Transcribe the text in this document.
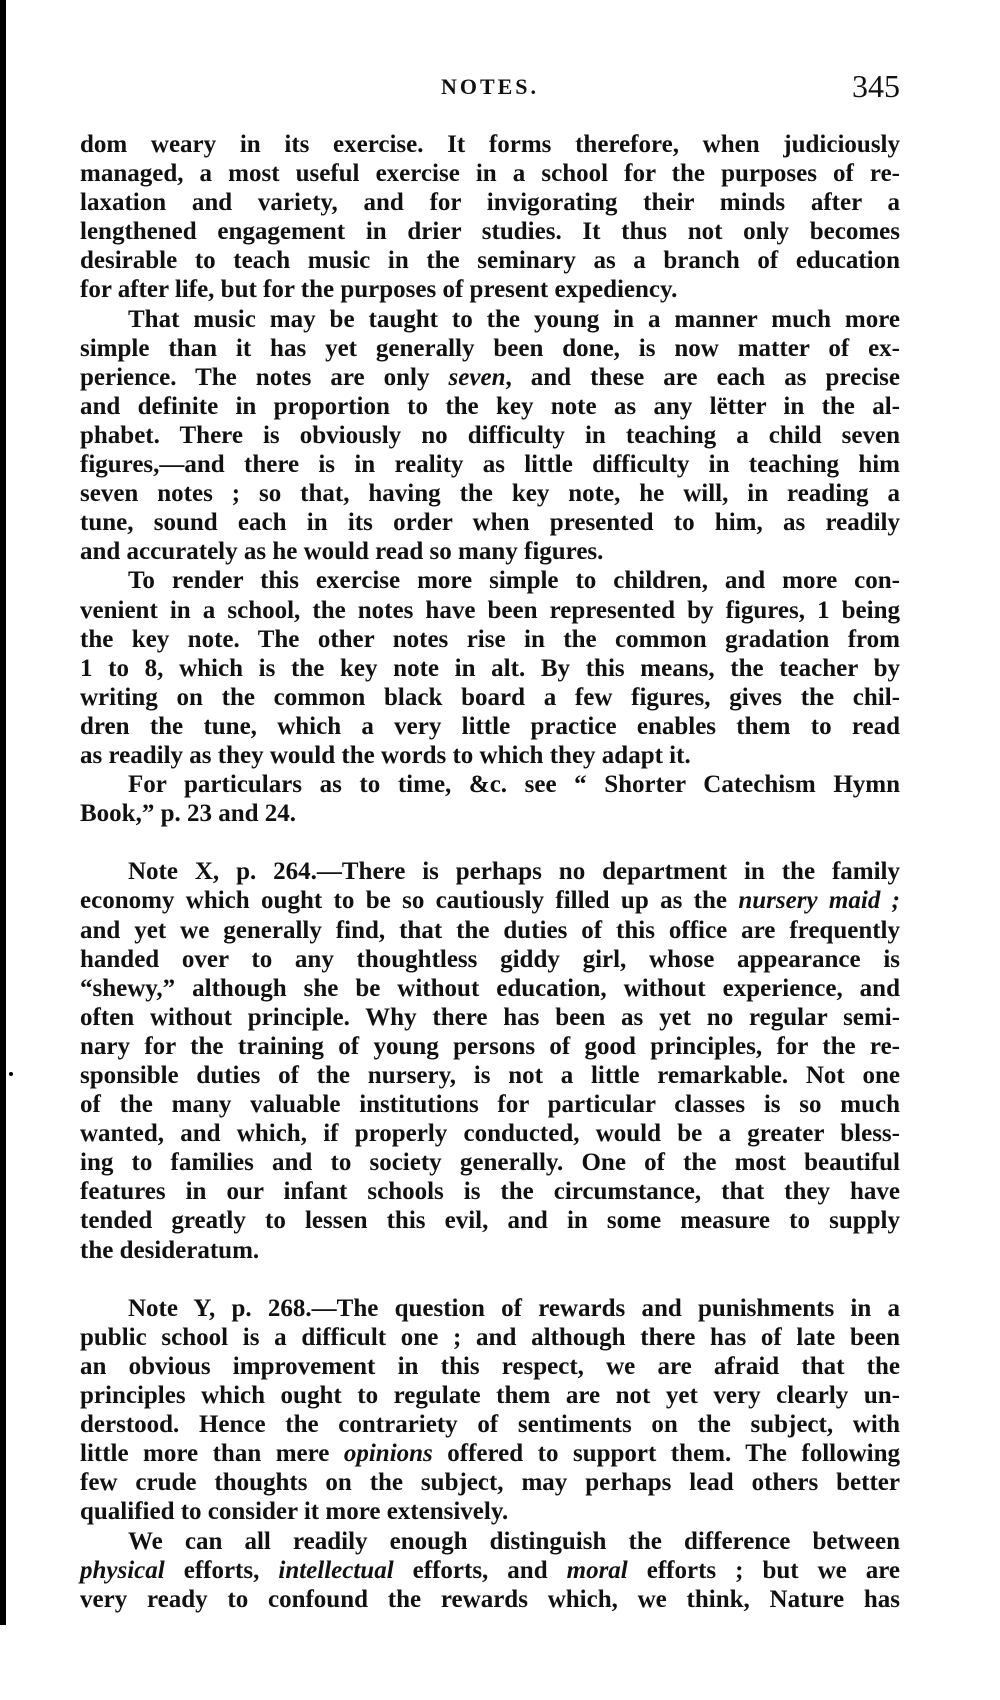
NOTES.	345
dom weary in its exercise. It forms therefore, when judiciously
managed, a most useful exercise in a school for the purposes of re-
laxation and variety, and for invigorating their minds after a
lengthened engagement in drier studies. It thus not only becomes
desirable to teach music in the seminary as a branch of education
for after life, but for the purposes of present expediency.
That music may be taught to the young in a manner much more
simple than it has yet generally been done, is now matter of ex-
perience. The notes are only seven, and these are each as precise
and definite in proportion to the key note as any lëtter in the al-
phabet. There is obviously no difficulty in teaching a child seven
figures,—and there is in reality as little difficulty in teaching him
seven notes ; so that, having the key note, he will, in reading a
tune, sound each in its order when presented to him, as readily
and accurately as he would read so many figures.
To render this exercise more simple to children, and more con-
venient in a school, the notes have been represented by figures, 1 being
the key note. The other notes rise in the common gradation from
1 to 8, which is the key note in alt. By this means, the teacher by
writing on the common black board a few figures, gives the chil-
dren the tune, which a very little practice enables them to read
as readily as they would the words to which they adapt it.
For particulars as to time, &c. see “ Shorter Catechism Hymn
Book,” p. 23 and 24.
Note X, p. 264.—There is perhaps no department in the family
economy which ought to be so cautiously filled up as the nursery maid ;
and yet we generally find, that the duties of this office are frequently
handed over to any thoughtless giddy girl, whose appearance is
“shewy,” although she be without education, without experience, and
often without principle. Why there has been as yet no regular semi-
nary for the training of young persons of good principles, for the re-
sponsible duties of the nursery, is not a little remarkable. Not one
of the many valuable institutions for particular classes is so much
wanted, and which, if properly conducted, would be a greater bless-
ing to families and to society generally. One of the most beautiful
features in our infant schools is the circumstance, that they have
tended greatly to lessen this evil, and in some measure to supply
the desideratum.
Note Y, p. 268.—The question of rewards and punishments in a
public school is a difficult one ; and although there has of late been
an obvious improvement in this respect, we are afraid that the
principles which ought to regulate them are not yet very clearly un-
derstood. Hence the contrariety of sentiments on the subject, with
little more than mere opinions offered to support them. The following
few crude thoughts on the subject, may perhaps lead others better
qualified to consider it more extensively.
We can all readily enough distinguish the difference between
physical efforts, intellectual efforts, and moral efforts ; but we are
very ready to confound the rewards which, we think, Nature has
